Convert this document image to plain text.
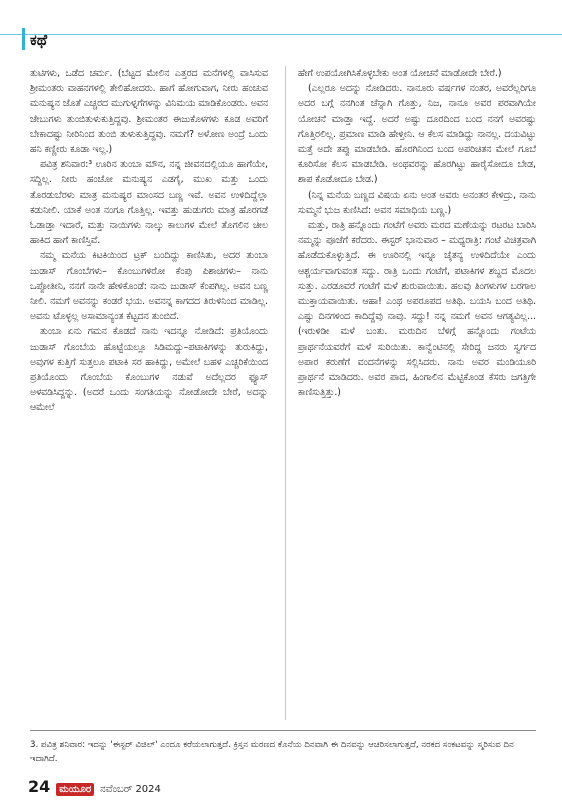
ಕಥೆ

ತುಟಿಗಳು, ಒಡೆದ ಚರ್ಮ. (ಬೆಟ್ಟದ ಮೇಲಿನ ಎತ್ತರದ ಮನೆಗಳಲ್ಲಿ ವಾಸಿಸುವ ಶ್ರೀಮಂತರು ವಾಹನಗಳಲ್ಲಿ ತೇಲಿಹೋದರು. ಹಾಗೆ ಹೋಗುವಾಗ, ನೀರು ಹಂಚುವ ಮನುಷ್ಯನ ಜೊತೆ ಎಚ್ಚರದ ಮುಗುಳ್ನಗೆಗಳನ್ನು ವಿನಿಮಯ ಮಾಡಿಕೊಂಡರು. ಅವನ ಜೇಬುಗಳು ತುಂಬಿತುಳುಕುತ್ತಿದ್ದವು. ಶ್ರೀಮಂತರ ಈಜುಕೊಳಗಳು ಕೂಡ ಅವರಿಗೆ ಬೇಕಾದಷ್ಟು ನೀರಿನಿಂದ ತುಂಬಿ ತುಳುಕುತ್ತಿದ್ದವು. ನಮಗೆ? ಅಳೋಣ ಅಂದ್ರೆ ಒಂದು ಹನಿ ಕಣ್ಣೀರು ಕೂಡಾ ಇಲ್ಲ.)

ಪವಿತ್ರ ಶನಿವಾರ:³ ಊರಿನ ತುಂಬಾ ಮೌನ, ನನ್ನ ಜೀವನದಲ್ಲಿಯೂ ಹಾಗೆಯೇ, ಸದ್ದಿಲ್ಲ. ನೀರು ಹಂಚೋ ಮನುಷ್ಯನ ಎಡಗೈ, ಮುಖ ಮತ್ತು ಒಂದು ತೊರಡುಬೆರಳು ಮಾತ್ರ ಮನುಷ್ಯರ ಮಾಂಸದ ಬಣ್ಣ ಇವೆ. ಅವನ ಉಳಿದಿದ್ದೆಲ್ಲಾ ಕಡುನೀಲಿ. ಯಾಕೆ ಅಂತ ನಂಗೂ ಗೊತ್ತಿಲ್ಲ. ಇವತ್ತು ಹುಡುಗರು ಮಾತ್ರ ಹೊರಗಡೆ ಓಡಾಡ್ತಾ ಇದಾರೆ, ಮತ್ತು ನಾಯಿಗಳು ನಾಲ್ಕು ಕಾಲುಗಳ ಮೇಲೆ ತೊಗಲಿನ ಚೀಲ ಹಾಕಿದ ಹಾಗೆ ಕಾಣಿಸ್ತಿವೆ.

ನಮ್ಮ ಮನೆಯ ಕಿಟಕಿಯಿಂದ ಟ್ರಕ್ ಬಂದಿದ್ದು ಕಾಣಿಸಿತು, ಅದರ ತುಂಬಾ ಜುಡಾಸ್ ಗೊಂಬೆಗಳು– ಕೊಂಬುಗಳಿರೋ ಕೆಂಪು ಪಿಶಾಚಿಗಳು– ನಾನು ಒಪ್ಪೋತೀನಿ, ನನಗೆ ನಾನೇ ಹೇಳಿಕೊಂಡೆ: ನಾನು ಜುಡಾಸ್ ಕೆಂಪಗಿಲ್ಲ. ಅವನ ಬಣ್ಣ ನೀಲಿ. ನಮಗೆ ಅವನನ್ನು ಕಂಡರೆ ಭಯ. ಅವನನ್ನ ಕಾಗದದ ತಿರುಳಿನಿಂದ ಮಾಡಿಲ್ಲ. ಅವನು ಟೊಳ್ಳಲ್ಲ ಅಸಾಮಾನ್ಯಂತ ಕೆಟ್ಟದನ ತುಂಬಿದೆ.

ತುಂಬಾ ಏನು ಗಮನ ಕೊಡದೆ ನಾನು ಇದನ್ನೂ ನೋಡಿದೆ: ಪ್ರತಿಯೊಂದು ಜುಡಾಸ್ ಗೊಂಬೆಯ ಹೊಟ್ಟೆಯಲ್ಲೂ ಸಿಡಿಮದ್ದು–ಪಟಾಕಿಗಳನ್ನು ತುರುಕಿದ್ದು, ಅವುಗಳ ಕುತ್ತಿಗೆ ಸುತ್ತಲೂ ಪಟಾಕಿ ಸರ ಹಾಕಿದ್ದು, ಅಮೇಲೆ ಬಹಳ ಎಚ್ಚರಿಕೆಯಿಂದ ಪ್ರತಿಯೊಂದು ಗೊಂಬೆಯ ಕೊಂಬುಗಳ ನಡುವೆ ಅದೆಲ್ಲದರ ಫ್ಯೂಸ್ ಅಳವಡಿಸಿದ್ದನ್ನು. (ಅದರೆ ಒಂದು ಸಂಗತಿಯನ್ನು ನೋಡೋದೇ ಬೇರೆ, ಅದನ್ನು ಆಮೇಲೆ

ಹೇಗೆ ಉಪಯೋಗಿಸಿಕೊಳ್ಳಬೇಕು ಅಂತ ಯೋಚನೆ ಮಾಡೋದೇ ಬೇರೆ.)

(ಎಲ್ಲರೂ ಅದನ್ನು ನೋಡಿದರು. ನಾನೂರು ವರ್ಷಗಳ ನಂತರ, ಅವರೆಲ್ಲರಿಗೂ ಅದರ ಬಗ್ಗೆ ನನಗಿಂತ ಚೆನ್ನಾಗಿ ಗೊತ್ತು, ನಿಜ, ನಾನೂ ಅವರ ಪರವಾಗಿಯೇ ಯೋಚನೆ ಮಾಡ್ತಾ ಇದ್ದೆ. ಅದರೆ ಅಷ್ಟು ದೂರದಿಂದ ಬಂದ ನನಗೆ ಅವರಷ್ಟು ಗೊತ್ತಿರಲಿಲ್ಲ. ಪ್ರಮಾಣ ಮಾಡಿ ಹೇಳ್ತೀನಿ. ಆ ಕೆಲಸ ಮಾಡಿದ್ದು ನಾನಲ್ಲ. ದಯವಿಟ್ಟು ಮತ್ತೆ ಅದೇ ತಪ್ಪು ಮಾಡಬೇಡಿ. ಹೊರಗಿನಿಂದ ಬಂದ ಅಪರಿಚಿತನ ಮೇಲೆ ಗೂಬೆ ಕೂರಿಸೋ ಕೆಲಸ ಮಾಡಬೇಡಿ. ಅಂಥವರನ್ನು ಹೊರಗಿಟ್ಟು ಹಾರೈಸೋದೂ ಬೇಡ, ಶಾಪ ಕೊಡೋದೂ ಬೇಡ.)

(ನಿನ್ನ ಮನೆಯ ಬಣ್ಣದ ವಿಷಯ ಏನು ಅಂತ ಅವರು ಅನಂತರ ಕೇಳಿದ್ರು, ನಾನು ಸುಮ್ಮನೆ ಭುಜ ಕುಣಿಸಿದೆ: ಅವನ ಸಮಾಧಿಯ ಬಣ್ಣ.)

ಮತ್ತು, ರಾತ್ರಿ ಹನ್ನೊಂದು ಗಂಟೆಗೆ ಅವರು ಮರದ ಮಣೆಯನ್ನು ರಟರಟ ಬಾರಿಸಿ ನಮ್ಮನ್ನು ಪೂಜೆಗೆ ಕರೆದರು. ಈಸ್ಟರ್ ಭಾನುವಾರ – ಮಧ್ಯರಾತ್ರಿ: ಗಂಟೆ ವಿಚಿತ್ರವಾಗಿ ಹೊಡೆದುಕೊಳ್ಳುತ್ತಿದೆ. ಈ ಊರಿನಲ್ಲಿ ಇನ್ನೂ ಚೈತನ್ಯ ಉಳಿದಿದೆಯೇ ಎಂದು ಆಶ್ಚರ್ಯವಾಗುವಂತ ಸದ್ದು. ರಾತ್ರಿ ಒಂದು ಗಂಟೆಗೆ, ಪಟಾಕಿಗಳ ಶಬ್ದದ ಮೊದಲ ಸುತ್ತು. ಎರಡೂವರೆ ಗಂಟೆಗೆ ಮಳೆ ಶುರುವಾಯಿತು. ಹಲವು ತಿಂಗಳುಗಳ ಬರಗಾಲ ಮುಕ್ತಾಯವಾಯಿತು. ಆಹಾ! ಎಂಥ ಅಪರೂಪದ ಅತಿಥಿ. ಬಯಸಿ ಬಂದ ಅತಿಥಿ. ಎಷ್ಟು ದಿನಗಳಿಂದ ಕಾದಿದ್ದೆವು ನಾವು. ಸದ್ದು! ನನ್ನ ನಮಗೆ ಅವನ ಆಗತ್ಯವಿಲ್ಲ... (ಇರುಳಿಡೀ ಮಳೆ ಬಂತು. ಮರುದಿನ ಬೆಳಿಗ್ಗೆ ಹನ್ನೊಂದು ಗಂಟೆಯ ಪ್ರಾರ್ಥನೆಯವರೆಗೆ ಮಳೆ ಸುರಿಯಿತು. ಕಾನ್ವೆಂಟಿನಲ್ಲಿ ಸೇರಿದ್ದ ಜನರು ಸ್ವರ್ಗದ ಅಪಾರ ಕರುಣೆಗೆ ವಂದನೆಗಳನ್ನು ಸಲ್ಲಿಸಿದರು. ನಾನು ಅವರ ಮಂಡಿಯೂರಿ ಪ್ರಾರ್ಥನೆ ಮಾಡಿದರು. ಅವರ ಪಾದ, ಹಿಂಗಾಲಿನ ಮೆಟ್ಟಿಕೊಂಡ ಕೆಸರು ಜಗತ್ತಿಗೇ ಕಾಣಿಸುತ್ತಿತ್ತು.)

3. ಪವಿತ್ರ ಶನಿವಾರ: ಇದನ್ನು 'ಈಸ್ಟರ್ ವಿಜಿಲ್' ಎಂದೂ ಕರೆಯಲಾಗುತ್ತದೆ. ಕ್ರಿಸ್ತನ ಮರಣದ ಕೊನೆಯ ದಿನವಾಗಿ ಈ ದಿನವನ್ನು ಆಚರಿಸಲಾಗುತ್ತದೆ, ನರಕದ ಸಂಕಟವನ್ನು ಸ್ಮರಿಸುವ ದಿನ ಇದಾಗಿದೆ.
24 ಮಯೂರ ನವೆಂಬರ್ 2024
